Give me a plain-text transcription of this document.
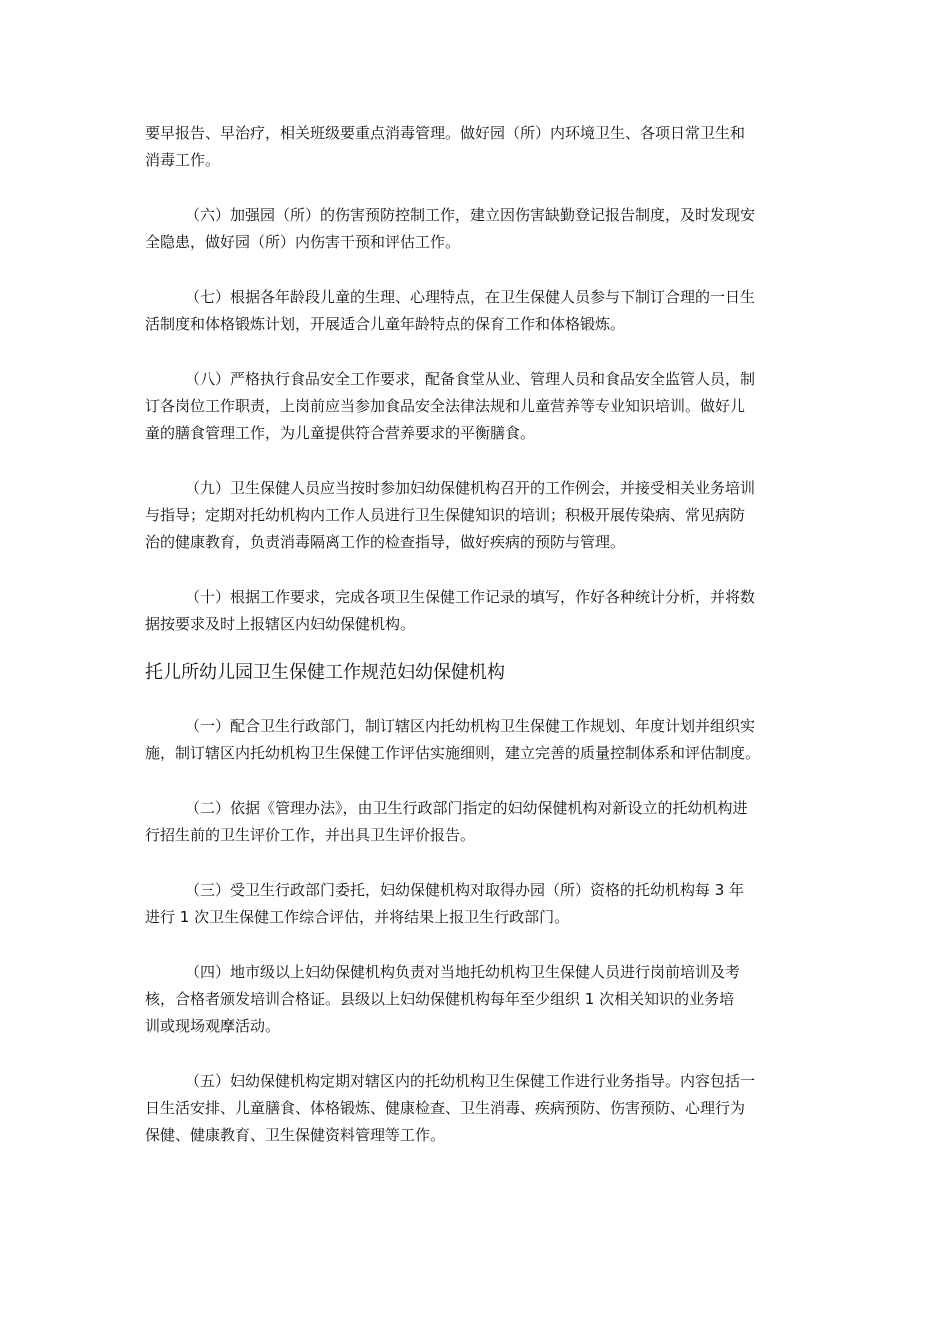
要早报告、早治疗，相关班级要重点消毒管理。做好园（所）内环境卫生、各项日常卫生和
消毒工作。
（六）加强园（所）的伤害预防控制工作，建立因伤害缺勤登记报告制度，及时发现安
全隐患，做好园（所）内伤害干预和评估工作。
（七）根据各年龄段儿童的生理、心理特点，在卫生保健人员参与下制订合理的一日生
活制度和体格锻炼计划，开展适合儿童年龄特点的保育工作和体格锻炼。
（八）严格执行食品安全工作要求，配备食堂从业、管理人员和食品安全监管人员，制
订各岗位工作职责，上岗前应当参加食品安全法律法规和儿童营养等专业知识培训。做好儿
童的膳食管理工作，为儿童提供符合营养要求的平衡膳食。
（九）卫生保健人员应当按时参加妇幼保健机构召开的工作例会，并接受相关业务培训
与指导；定期对托幼机构内工作人员进行卫生保健知识的培训；积极开展传染病、常见病防
治的健康教育，负责消毒隔离工作的检查指导，做好疾病的预防与管理。
（十）根据工作要求，完成各项卫生保健工作记录的填写，作好各种统计分析，并将数
据按要求及时上报辖区内妇幼保健机构。
托儿所幼儿园卫生保健工作规范妇幼保健机构
（一）配合卫生行政部门，制订辖区内托幼机构卫生保健工作规划、年度计划并组织实
施，制订辖区内托幼机构卫生保健工作评估实施细则，建立完善的质量控制体系和评估制度。
（二）依据《管理办法》，由卫生行政部门指定的妇幼保健机构对新设立的托幼机构进
行招生前的卫生评价工作，并出具卫生评价报告。
（三）受卫生行政部门委托，妇幼保健机构对取得办园（所）资格的托幼机构每 3 年
进行 1 次卫生保健工作综合评估，并将结果上报卫生行政部门。
（四）地市级以上妇幼保健机构负责对当地托幼机构卫生保健人员进行岗前培训及考
核，合格者颁发培训合格证。县级以上妇幼保健机构每年至少组织 1 次相关知识的业务培
训或现场观摩活动。
（五）妇幼保健机构定期对辖区内的托幼机构卫生保健工作进行业务指导。内容包括一
日生活安排、儿童膳食、体格锻炼、健康检查、卫生消毒、疾病预防、伤害预防、心理行为
保健、健康教育、卫生保健资料管理等工作。
